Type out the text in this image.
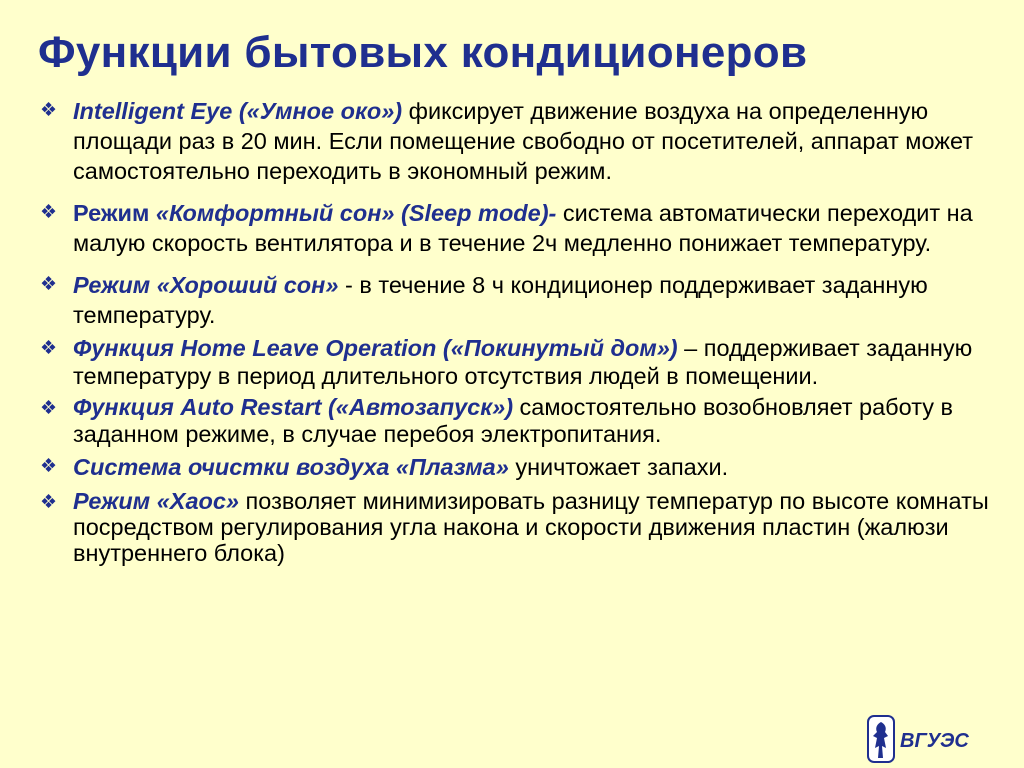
Функции бытовых кондиционеров
❖ Intelligent Eye («Умное око») фиксирует движение воздуха на определенную площади раз в 20 мин. Если помещение свободно от посетителей, аппарат может самостоятельно переходить в экономный режим.
❖ Режим «Комфортный сон» (Sleep mode)- система автоматически переходит на малую скорость вентилятора и в течение 2ч медленно понижает температуру.
❖ Режим «Хороший сон» - в течение 8 ч кондиционер поддерживает заданную температуру.
❖ Функция Home Leave Operation («Покинутый дом») – поддерживает заданную температуру в период длительного отсутствия людей в помещении.
❖ Функция Auto Restart («Автозапуск») самостоятельно возобновляет работу в заданном режиме, в случае перебоя электропитания.
❖ Система очистки воздуха «Плазма» уничтожает запахи.
❖ Режим «Хаос» позволяет минимизировать разницу температур по высоте комнаты посредством регулирования угла накона и скорости движения пластин (жалюзи внутреннего блока)
ВГУЭС
